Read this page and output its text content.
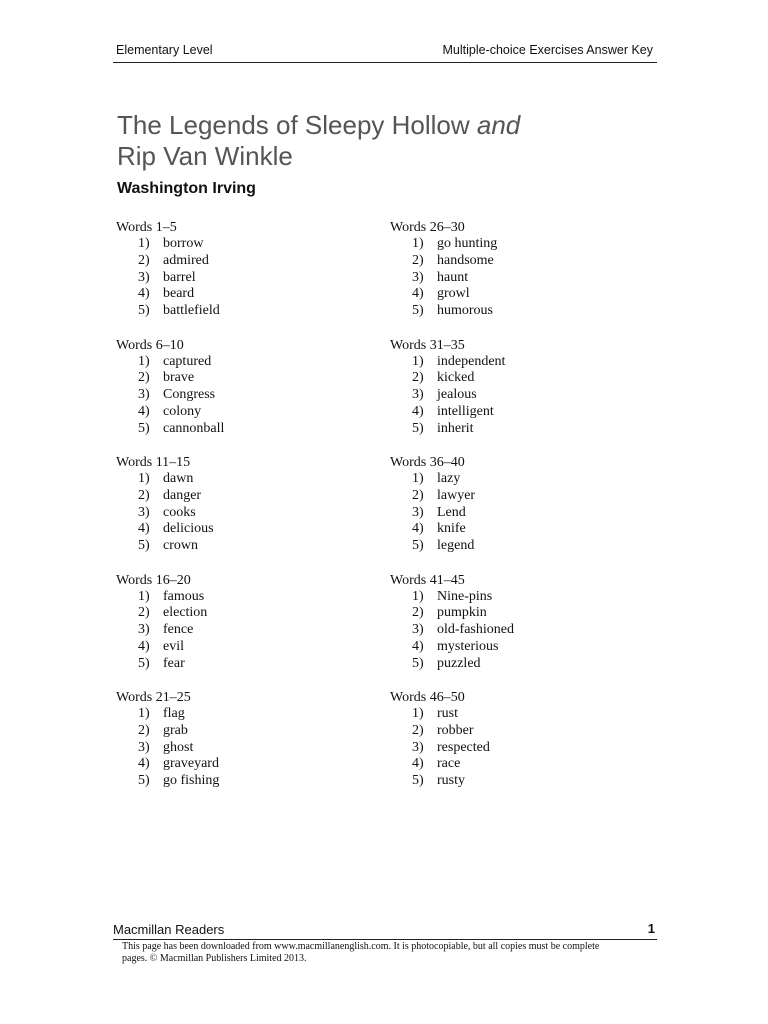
Elementary Level	Multiple-choice Exercises Answer Key
The Legends of Sleepy Hollow and
Rip Van Winkle
Washington Irving
Words 1–5
1) borrow
2) admired
3) barrel
4) beard
5) battlefield
Words 6–10
1) captured
2) brave
3) Congress
4) colony
5) cannonball
Words 11–15
1) dawn
2) danger
3) cooks
4) delicious
5) crown
Words 16–20
1) famous
2) election
3) fence
4) evil
5) fear
Words 21–25
1) flag
2) grab
3) ghost
4) graveyard
5) go fishing
Words 26–30
1) go hunting
2) handsome
3) haunt
4) growl
5) humorous
Words 31–35
1) independent
2) kicked
3) jealous
4) intelligent
5) inherit
Words 36–40
1) lazy
2) lawyer
3) Lend
4) knife
5) legend
Words 41–45
1) Nine-pins
2) pumpkin
3) old-fashioned
4) mysterious
5) puzzled
Words 46–50
1) rust
2) robber
3) respected
4) race
5) rusty
Macmillan Readers	1
This page has been downloaded from www.macmillanenglish.com. It is photocopiable, but all copies must be complete pages. © Macmillan Publishers Limited 2013.
